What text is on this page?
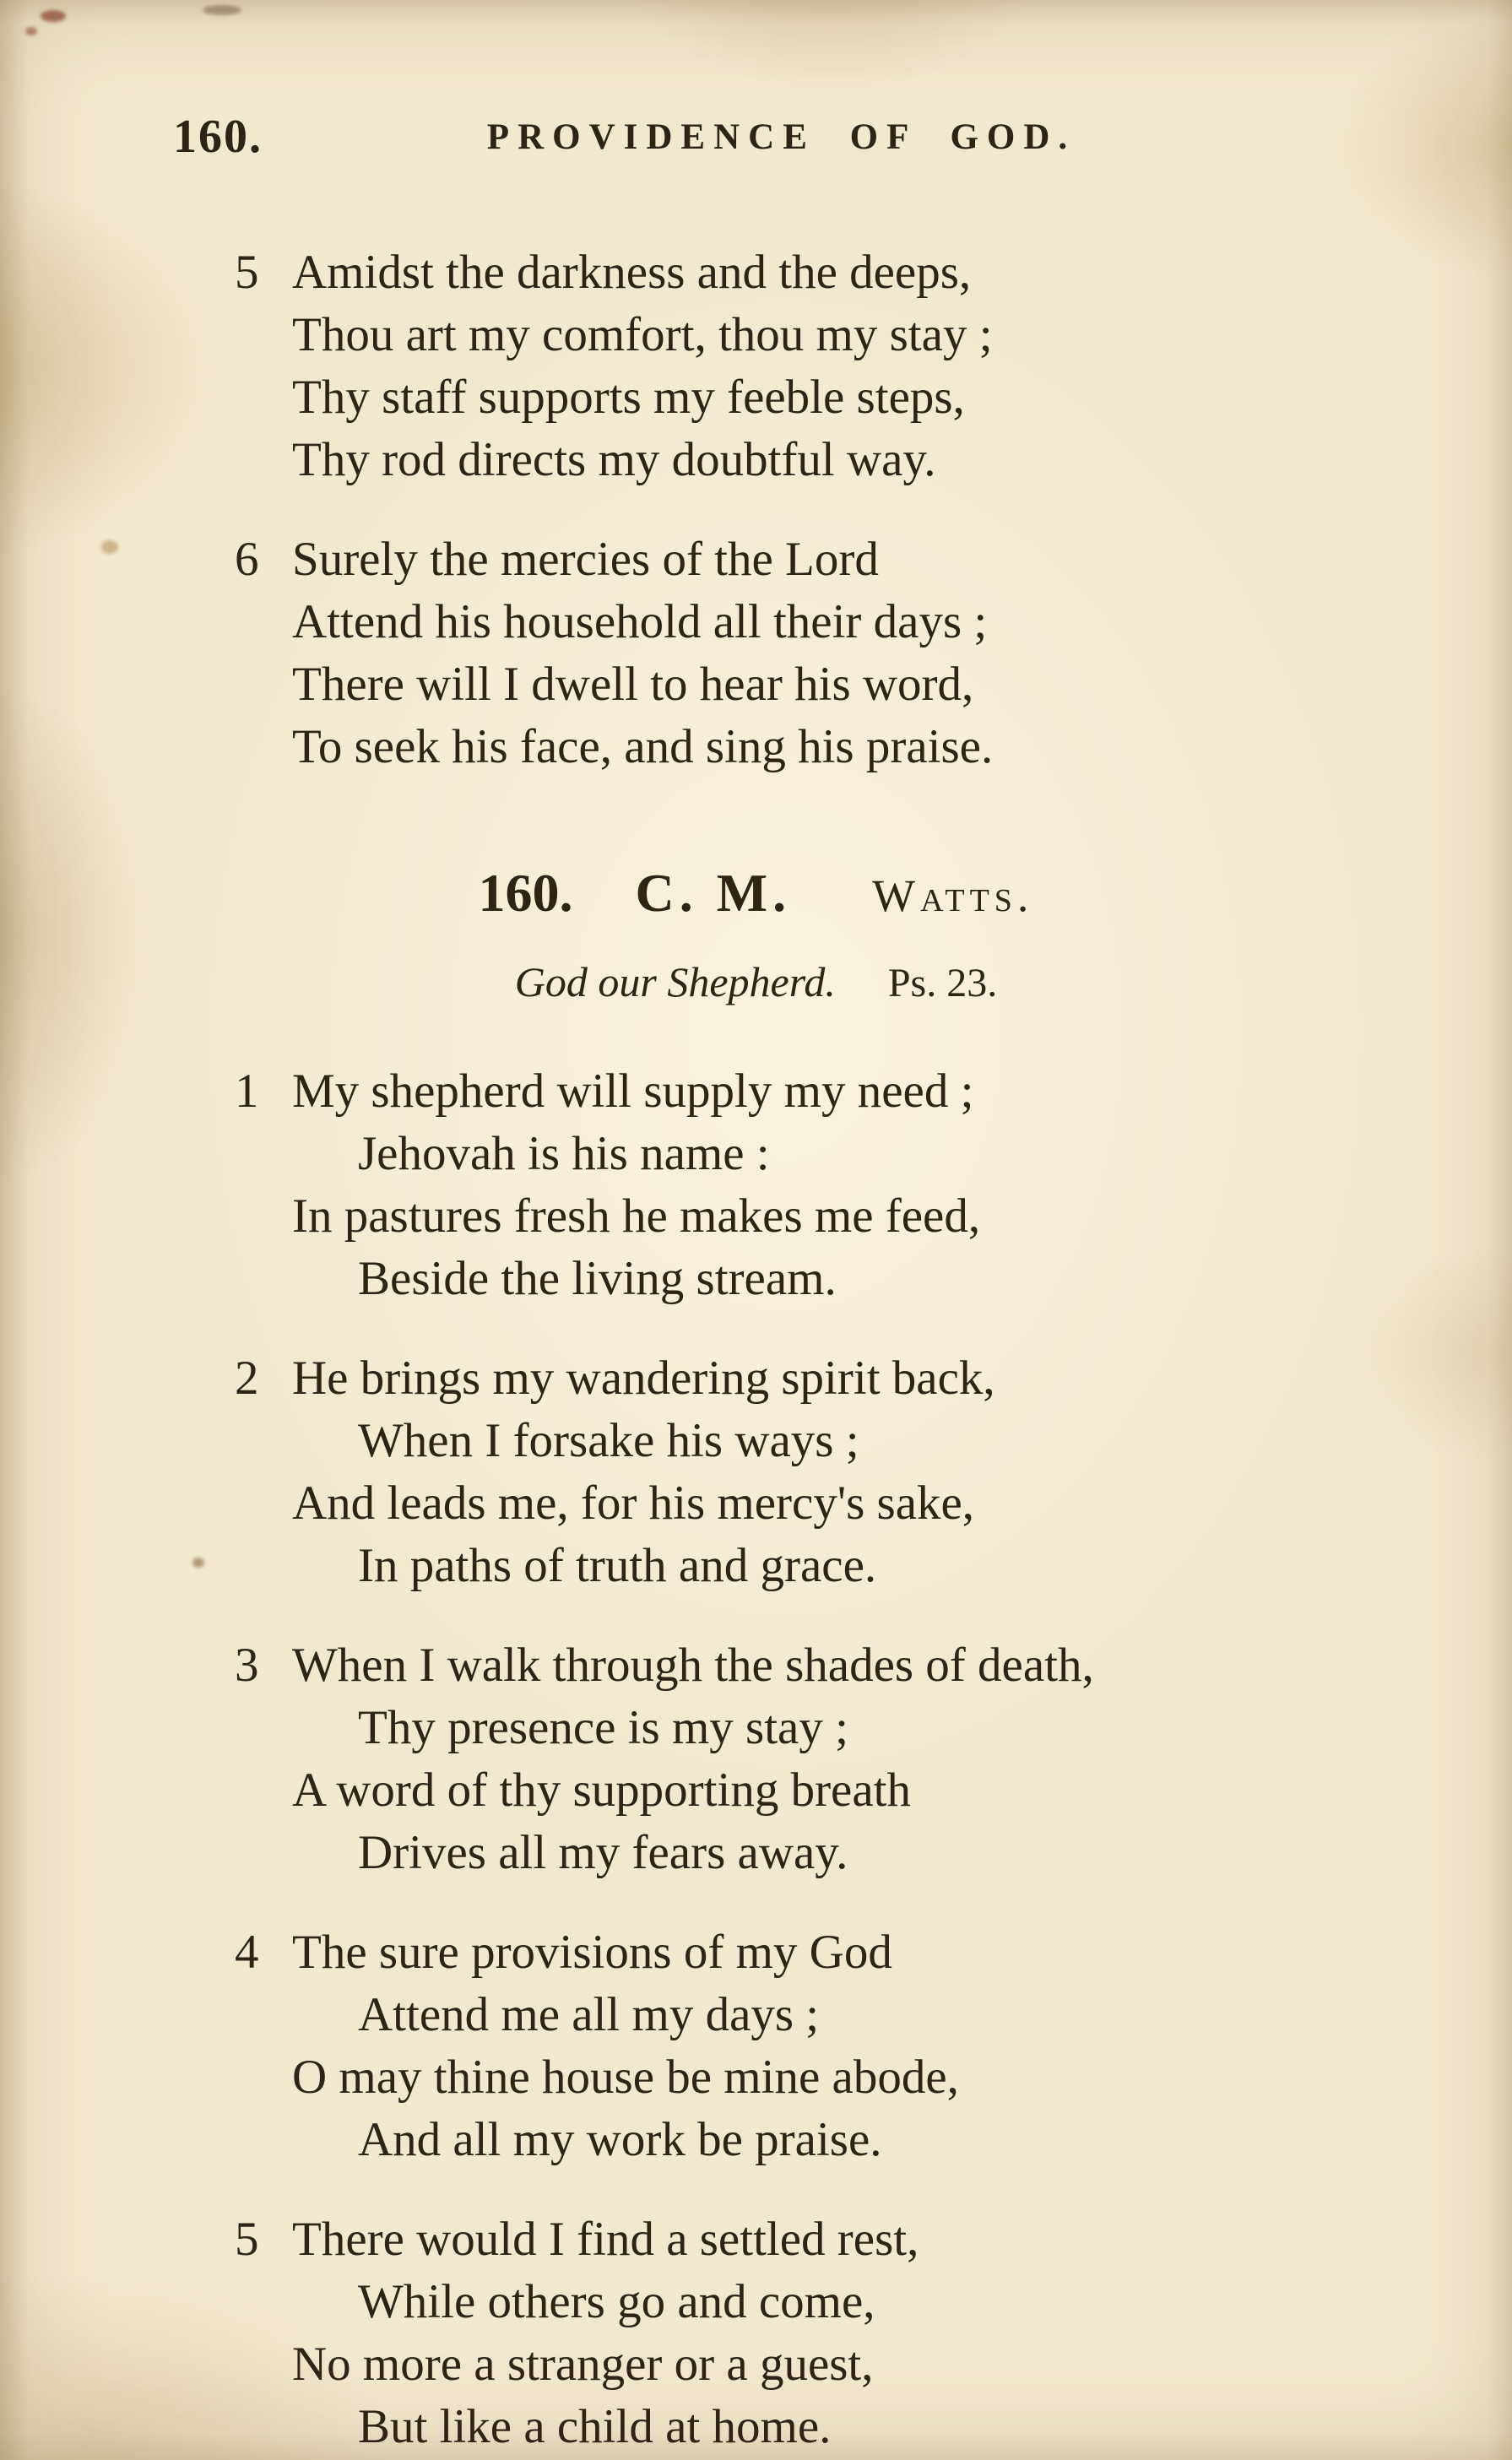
160.	PROVIDENCE OF GOD.
5 Amidst the darkness and the deeps,
Thou art my comfort, thou my stay ;
Thy staff supports my feeble steps,
Thy rod directs my doubtful way.
6 Surely the mercies of the Lord
Attend his household all their days ;
There will I dwell to hear his word,
To seek his face, and sing his praise.
160. C. M. Watts.
God our Shepherd. Ps. 23.
1 My shepherd will supply my need ;
Jehovah is his name :
In pastures fresh he makes me feed,
Beside the living stream.
2 He brings my wandering spirit back,
When I forsake his ways ;
And leads me, for his mercy's sake,
In paths of truth and grace.
3 When I walk through the shades of death,
Thy presence is my stay ;
A word of thy supporting breath
Drives all my fears away.
4 The sure provisions of my God
Attend me all my days ;
O may thine house be mine abode,
And all my work be praise.
5 There would I find a settled rest,
While others go and come,
No more a stranger or a guest,
But like a child at home.
